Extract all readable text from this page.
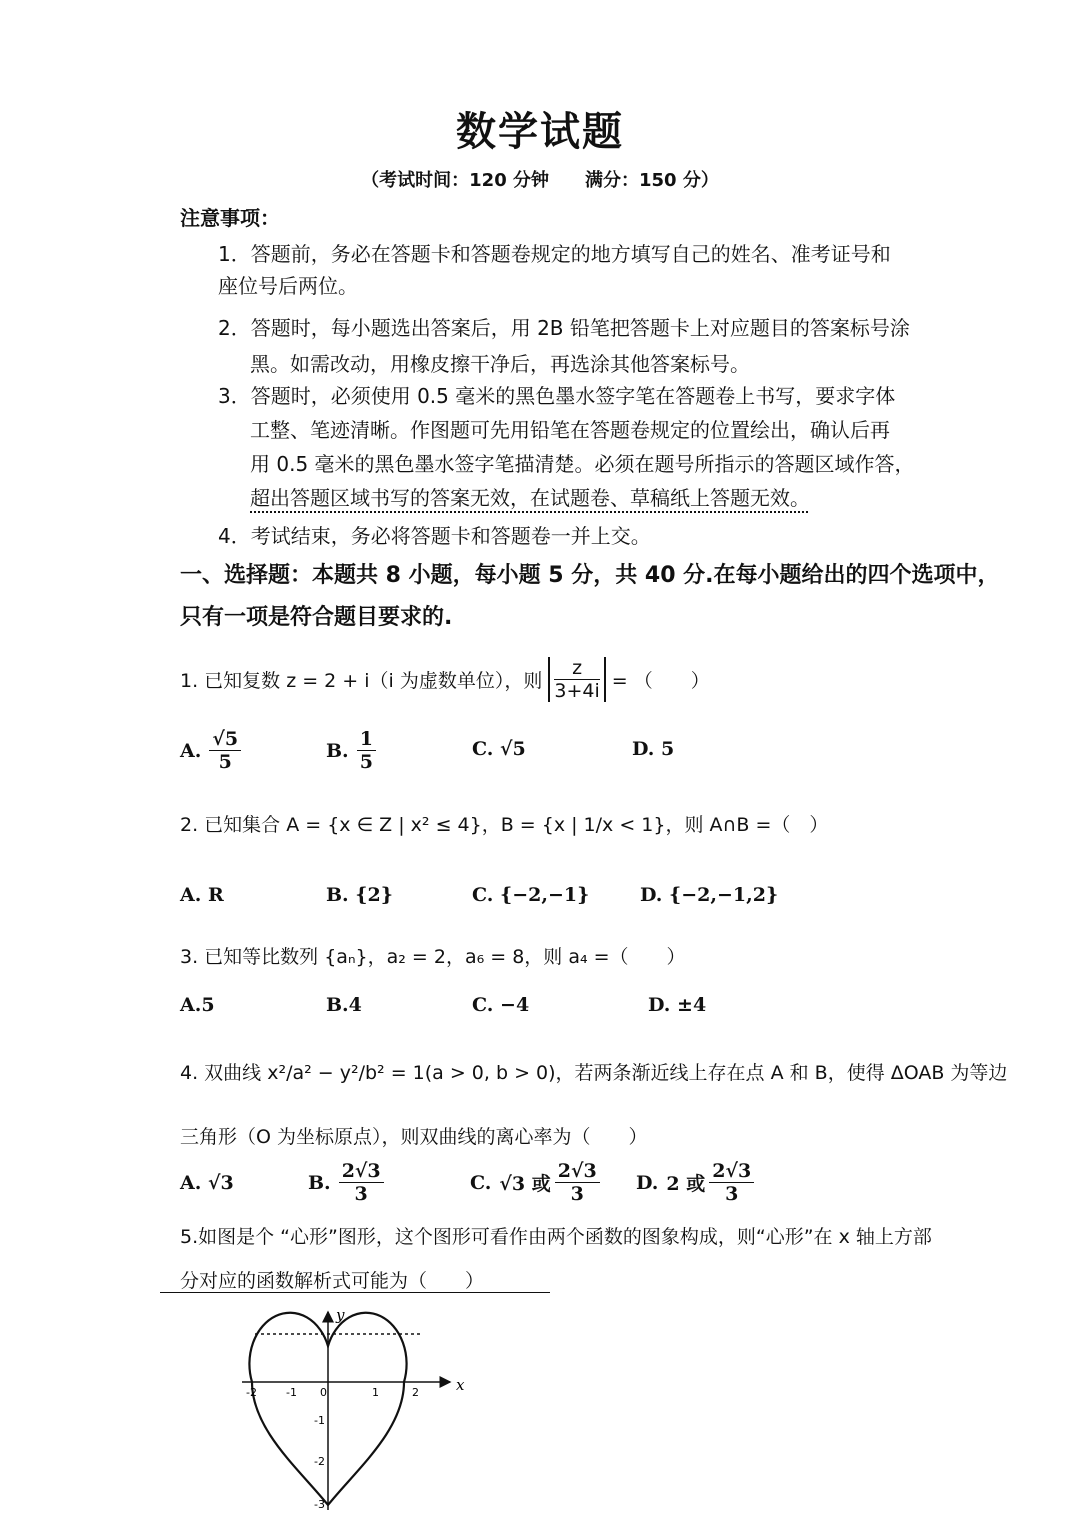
数学试题
（考试时间：120 分钟　　满分：150 分）
注意事项：
1．答题前，务必在答题卡和答题卷规定的地方填写自己的姓名、准考证号和
座位号后两位。
2．答题时，每小题选出答案后，用 2B 铅笔把答题卡上对应题目的答案标号涂
黑。如需改动，用橡皮擦干净后，再选涂其他答案标号。
3．答题时，必须使用 0.5 毫米的黑色墨水签字笔在答题卷上书写，要求字体
工整、笔迹清晰。作图题可先用铅笔在答题卷规定的位置绘出，确认后再
用 0.5 毫米的黑色墨水签字笔描清楚。必须在题号所指示的答题区域作答，
超出答题区域书写的答案无效，在试题卷、草稿纸上答题无效。
4．考试结束，务必将答题卡和答题卷一并上交。
一、选择题：本题共 8 小题，每小题 5 分，共 40 分.在每小题给出的四个选项中，
只有一项是符合题目要求的.
1. 已知复数 z = 2 + i（i 为虚数单位），则 $\frac{z}{3+4i}$ = （　　）
A. $\frac{√5}{5}$	B. $\frac{1}{5}$	C. √5	D. 5
2. 已知集合 A = {x ∈ Z | x² ≤ 4}，B = {x | 1/x < 1}，则 A∩B =（　）
A. R	B. {2}	C. {−2,−1}	D. {−2,−1,2}
3. 已知等比数列 {aₙ}，a₂ = 2，a₆ = 8，则 a₄ =（　　）
A.5	B.4	C. −4	D. ±4
4. 双曲线 x²/a² − y²/b² = 1(a > 0, b > 0)，若两条渐近线上存在点 A 和 B，使得 ΔOAB 为等边
三角形（O 为坐标原点），则双曲线的离心率为（　　）
A. √3	B. $\frac{2√3}{3}$	C. √3 或 $\frac{2√3}{3} D$. 2 或 $\frac{2√3}{3}$
5.如图是个 “心形”图形，这个图形可看作由两个函数的图象构成，则“心形”在 x 轴上方部
分对应的函数解析式可能为（　　）
x
y
0
-2	-1	1	2
-1
-2
-3
